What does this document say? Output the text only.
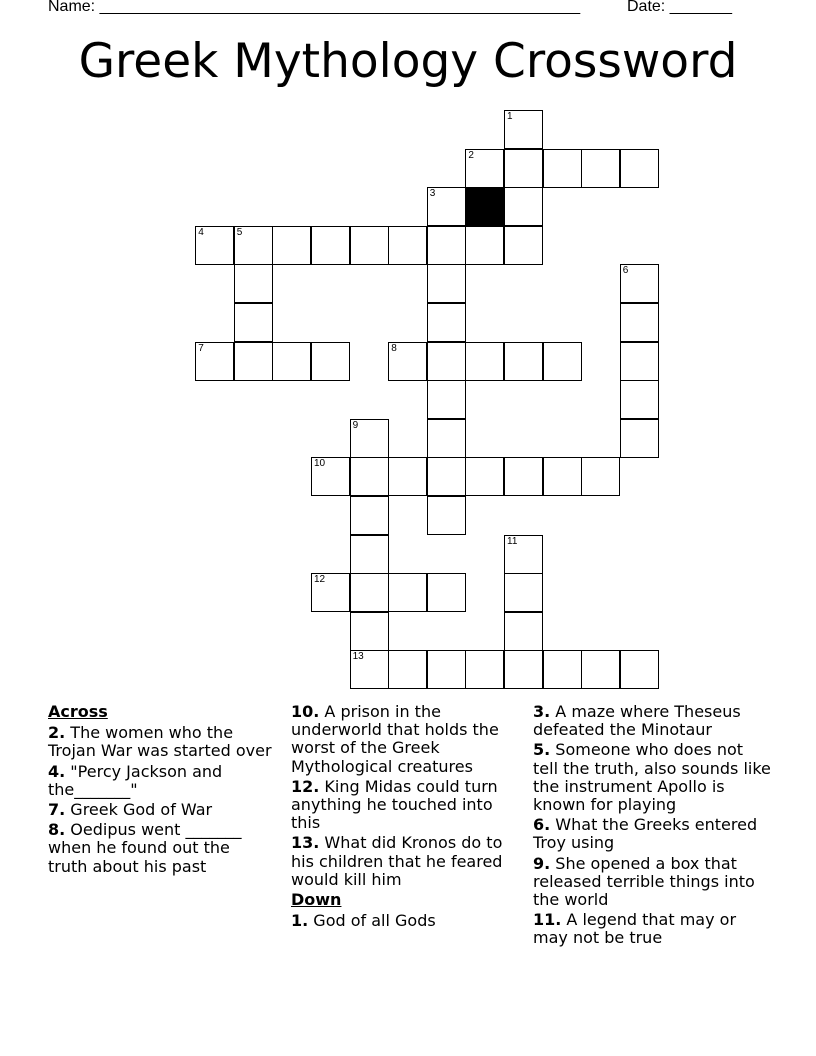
Name: ______________________________________________________	Date: _______
Greek Mythology Crossword
1
2
3
4	5
6
7	8
9
10
11
12
13
Across
2. The women who the Trojan War was started over
4. "Percy Jackson and the_______"
7. Greek God of War
8. Oedipus went _______ when he found out the truth about his past
10. A prison in the underworld that holds the worst of the Greek Mythological creatures
12. King Midas could turn anything he touched into this
13. What did Kronos do to his children that he feared would kill him
Down
1. God of all Gods
3. A maze where Theseus defeated the Minotaur
5. Someone who does not tell the truth, also sounds like the instrument Apollo is known for playing
6. What the Greeks entered Troy using
9. She opened a box that released terrible things into the world
11. A legend that may or may not be true
